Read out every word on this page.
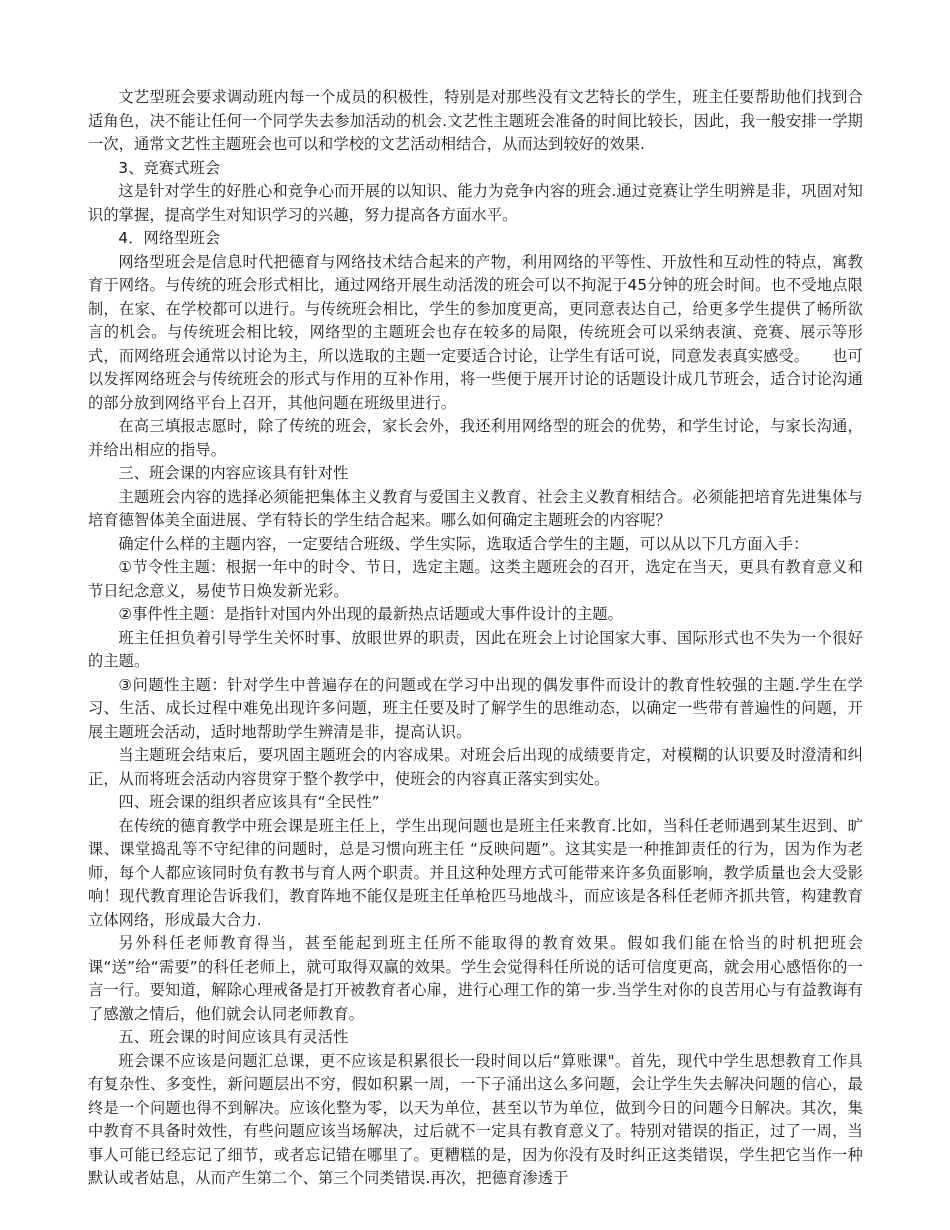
文艺型班会要求调动班内每一个成员的积极性，特别是对那些没有文艺特长的学生，班主任要帮助他们找到合适角色，决不能让任何一个同学失去参加活动的机会.文艺性主题班会准备的时间比较长，因此，我一般安排一学期一次，通常文艺性主题班会也可以和学校的文艺活动相结合，从而达到较好的效果.

3、竞赛式班会

这是针对学生的好胜心和竞争心而开展的以知识、能力为竞争内容的班会.通过竞赛让学生明辨是非，巩固对知识的掌握，提高学生对知识学习的兴趣，努力提高各方面水平。

4．网络型班会

网络型班会是信息时代把德育与网络技术结合起来的产物，利用网络的平等性、开放性和互动性的特点，寓教育于网络。与传统的班会形式相比，通过网络开展生动活泼的班会可以不拘泥于45分钟的班会时间。也不受地点限制，在家、在学校都可以进行。与传统班会相比，学生的参加度更高，更同意表达自己，给更多学生提供了畅所欲言的机会。与传统班会相比较，网络型的主题班会也存在较多的局限，传统班会可以采纳表演、竞赛、展示等形式，而网络班会通常以讨论为主，所以选取的主题一定要适合讨论，让学生有话可说，同意发表真实感受。　　也可以发挥网络班会与传统班会的形式与作用的互补作用，将一些便于展开讨论的话题设计成几节班会，适合讨论沟通的部分放到网络平台上召开，其他问题在班级里进行。

在高三填报志愿时，除了传统的班会，家长会外，我还利用网络型的班会的优势，和学生讨论，与家长沟通，并给出相应的指导。

三、班会课的内容应该具有针对性

主题班会内容的选择必须能把集体主义教育与爱国主义教育、社会主义教育相结合。必须能把培育先进集体与培育德智体美全面进展、学有特长的学生结合起来。哪么如何确定主题班会的内容呢？

确定什么样的主题内容，一定要结合班级、学生实际，选取适合学生的主题，可以从以下几方面入手：

①节令性主题：根据一年中的时令、节日，选定主题。这类主题班会的召开，选定在当天，更具有教育意义和节日纪念意义，易使节日焕发新光彩。

②事件性主题：是指针对国内外出现的最新热点话题或大事件设计的主题。

班主任担负着引导学生关怀时事、放眼世界的职责，因此在班会上讨论国家大事、国际形式也不失为一个很好的主题。

③问题性主题：针对学生中普遍存在的问题或在学习中出现的偶发事件而设计的教育性较强的主题.学生在学习、生活、成长过程中难免出现许多问题，班主任要及时了解学生的思维动态，以确定一些带有普遍性的问题，开展主题班会活动，适时地帮助学生辨清是非，提高认识。

当主题班会结束后，要巩固主题班会的内容成果。对班会后出现的成绩要肯定，对模糊的认识要及时澄清和纠正，从而将班会活动内容贯穿于整个教学中，使班会的内容真正落实到实处。

四、班会课的组织者应该具有“全民性”

在传统的德育教学中班会课是班主任上，学生出现问题也是班主任来教育.比如，当科任老师遇到某生迟到、旷课、课堂捣乱等不守纪律的问题时，总是习惯向班主任 “反映问题”。这其实是一种推卸责任的行为，因为作为老师，每个人都应该同时负有教书与育人两个职责。并且这种处理方式可能带来许多负面影响，教学质量也会大受影响！现代教育理论告诉我们，教育阵地不能仅是班主任单枪匹马地战斗，而应该是各科任老师齐抓共管，构建教育立体网络，形成最大合力.

另外科任老师教育得当，甚至能起到班主任所不能取得的教育效果。假如我们能在恰当的时机把班会课“送”给“需要”的科任老师上，就可取得双赢的效果。学生会觉得科任所说的话可信度更高，就会用心感悟你的一言一行。要知道，解除心理戒备是打开被教育者心扉，进行心理工作的第一步.当学生对你的良苦用心与有益教诲有了感激之情后，他们就会认同老师教育。

五、班会课的时间应该具有灵活性

班会课不应该是问题汇总课，更不应该是积累很长一段时间以后“算账课"。首先，现代中学生思想教育工作具有复杂性、多变性，新问题层出不穷，假如积累一周，一下子涌出这么多问题，会让学生失去解决问题的信心，最终是一个问题也得不到解决。应该化整为零，以天为单位，甚至以节为单位，做到今日的问题今日解决。其次，集中教育不具备时效性，有些问题应该当场解决，过后就不一定具有教育意义了。特别对错误的指正，过了一周，当事人可能已经忘记了细节，或者忘记错在哪里了。更糟糕的是，因为你没有及时纠正这类错误，学生把它当作一种默认或者姑息，从而产生第二个、第三个同类错误.再次，把德育渗透于
